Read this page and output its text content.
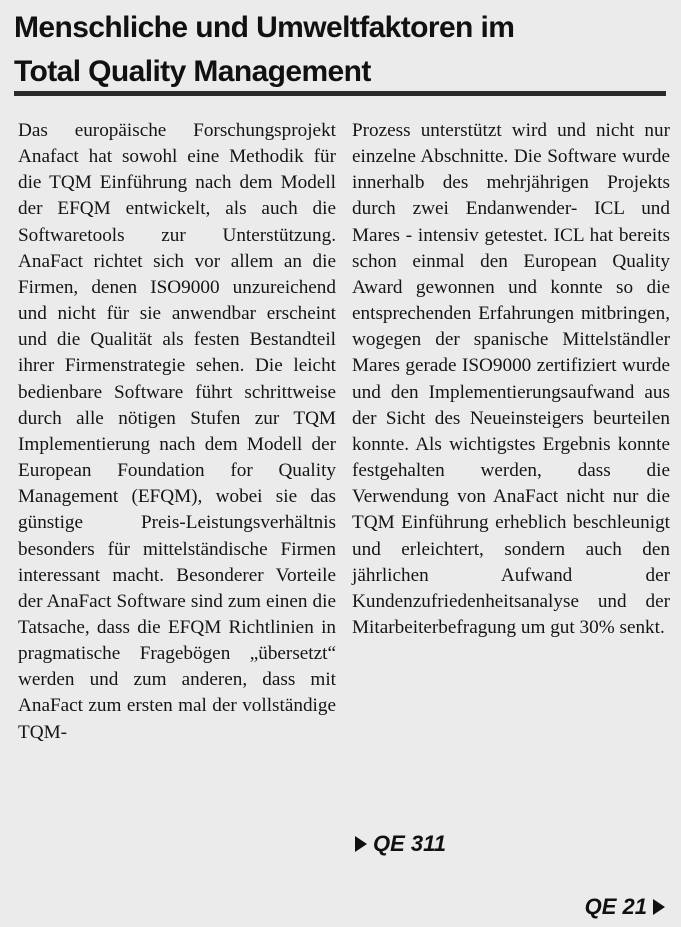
Menschliche und Umweltfaktoren im
Total Quality Management

Das europäische Forschungsprojekt Anafact hat sowohl eine Methodik für die TQM Einführung nach dem Modell der EFQM entwickelt, als auch die Softwaretools zur Unterstützung. AnaFact richtet sich vor allem an die Firmen, denen ISO9000 unzureichend und nicht für sie anwendbar erscheint und die Qualität als festen Bestandteil ihrer Firmenstrategie sehen. Die leicht bedienbare Software führt schrittweise durch alle nötigen Stufen zur TQM Implementierung nach dem Modell der European Foundation for Quality Management (EFQM), wobei sie das günstige Preis-Leistungsverhältnis besonders für mittelständische Firmen interessant macht. Besonderer Vorteile der AnaFact Software sind zum einen die Tatsache, dass die EFQM Richtlinien in pragmatische Fragebögen „übersetzt“ werden und zum anderen, dass mit AnaFact zum ersten mal der vollständige TQM-

Prozess unterstützt wird und nicht nur einzelne Abschnitte. Die Software wurde innerhalb des mehrjährigen Projekts durch zwei Endanwender- ICL und Mares - intensiv getestet. ICL hat bereits schon einmal den European Quality Award gewonnen und konnte so die entsprechenden Erfahrungen mitbringen, wogegen der spanische Mittelständler Mares gerade ISO9000 zertifiziert wurde und den Implementierungsaufwand aus der Sicht des Neueinsteigers beurteilen konnte. Als wichtigstes Ergebnis konnte festgehalten werden, dass die Verwendung von AnaFact nicht nur die TQM Einführung erheblich beschleunigt und erleichtert, sondern auch den jährlichen Aufwand der Kundenzufriedenheitsanalyse und der Mitarbeiterbefragung um gut 30% senkt.

QE 311
QE 21
